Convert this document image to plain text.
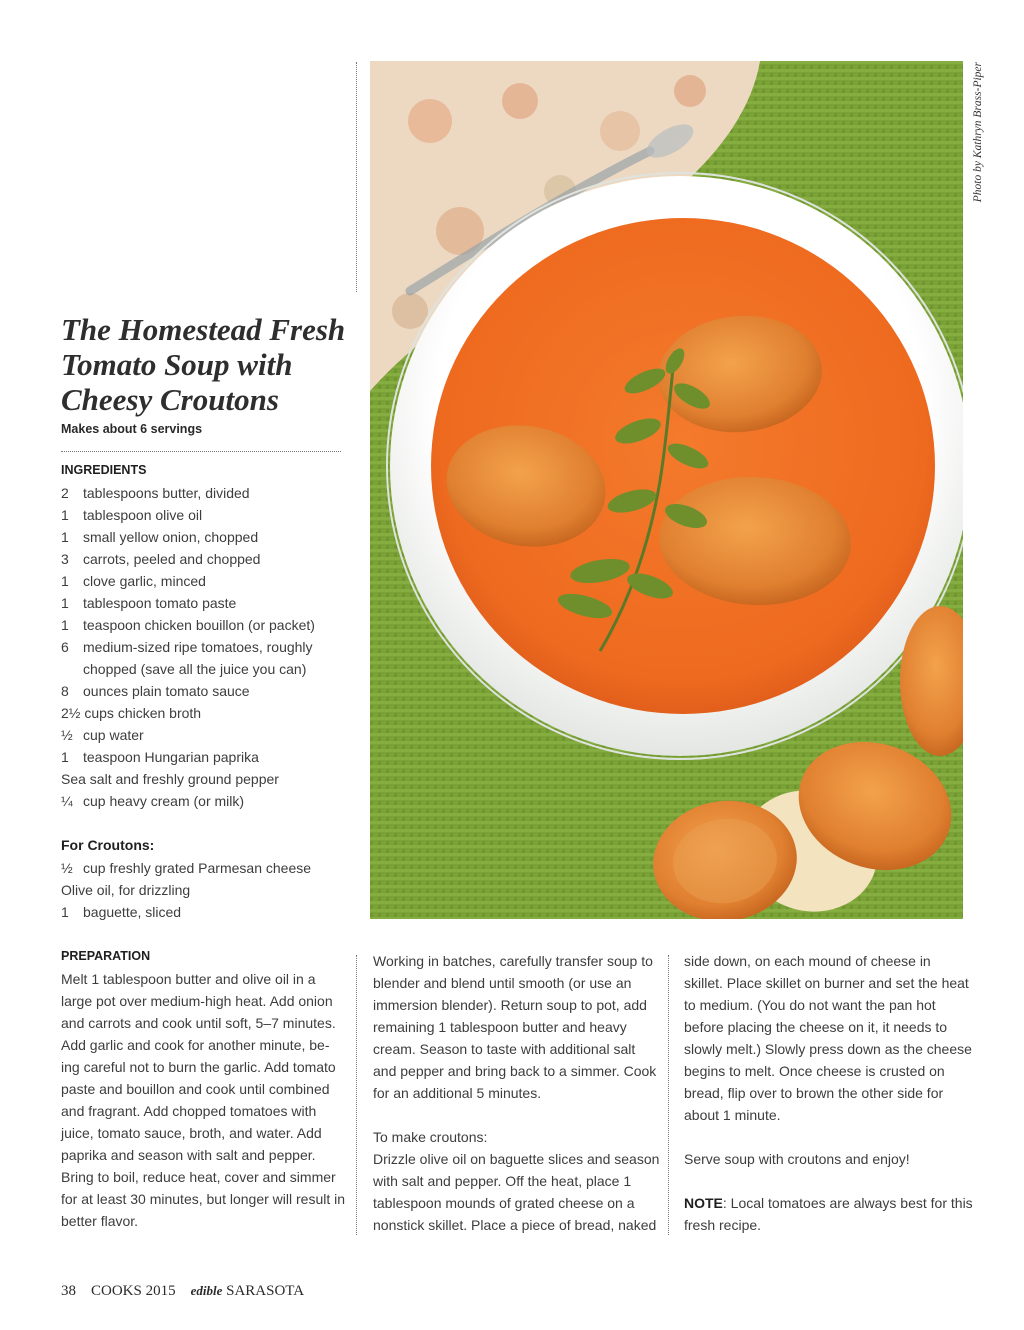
Photo by Kathryn Brass-Piper
The Homestead Fresh
Tomato Soup with
Cheesy Croutons
Makes about 6 servings
INGREDIENTS
2	tablespoons butter, divided
1	tablespoon olive oil
1	small yellow onion, chopped
3	carrots, peeled and chopped
1	clove garlic, minced
1	tablespoon tomato paste
1	teaspoon chicken bouillon (or packet)
6	medium-sized ripe tomatoes, roughly
chopped (save all the juice you can)
8	ounces plain tomato sauce
2½ cups chicken broth
½ cup water
1	teaspoon Hungarian paprika
Sea salt and freshly ground pepper
¼ cup heavy cream (or milk)
For Croutons:
½ cup freshly grated Parmesan cheese
Olive oil, for drizzling
1	baguette, sliced
PREPARATION
Melt 1 tablespoon butter and olive oil in a
large pot over medium-high heat. Add onion
and carrots and cook until soft, 5–7 minutes.
Add garlic and cook for another minute, be-
ing careful not to burn the garlic. Add tomato
paste and bouillon and cook until combined
and fragrant. Add chopped tomatoes with
juice, tomato sauce, broth, and water. Add
paprika and season with salt and pepper.
Bring to boil, reduce heat, cover and simmer
for at least 30 minutes, but longer will result in
better flavor.
Working in batches, carefully transfer soup to
blender and blend until smooth (or use an
immersion blender). Return soup to pot, add
remaining 1 tablespoon butter and heavy
cream. Season to taste with additional salt
and pepper and bring back to a simmer. Cook
for an additional 5 minutes.

To make croutons:
Drizzle olive oil on baguette slices and season
with salt and pepper. Off the heat, place 1
tablespoon mounds of grated cheese on a
nonstick skillet. Place a piece of bread, naked
side down, on each mound of cheese in
skillet. Place skillet on burner and set the heat
to medium. (You do not want the pan hot
before placing the cheese on it, it needs to
slowly melt.) Slowly press down as the cheese
begins to melt. Once cheese is crusted on
bread, flip over to brown the other side for
about 1 minute.

Serve soup with croutons and enjoy!

NOTE: Local tomatoes are always best for this
fresh recipe.
38 COOKS 2015 edible SARASOTA
